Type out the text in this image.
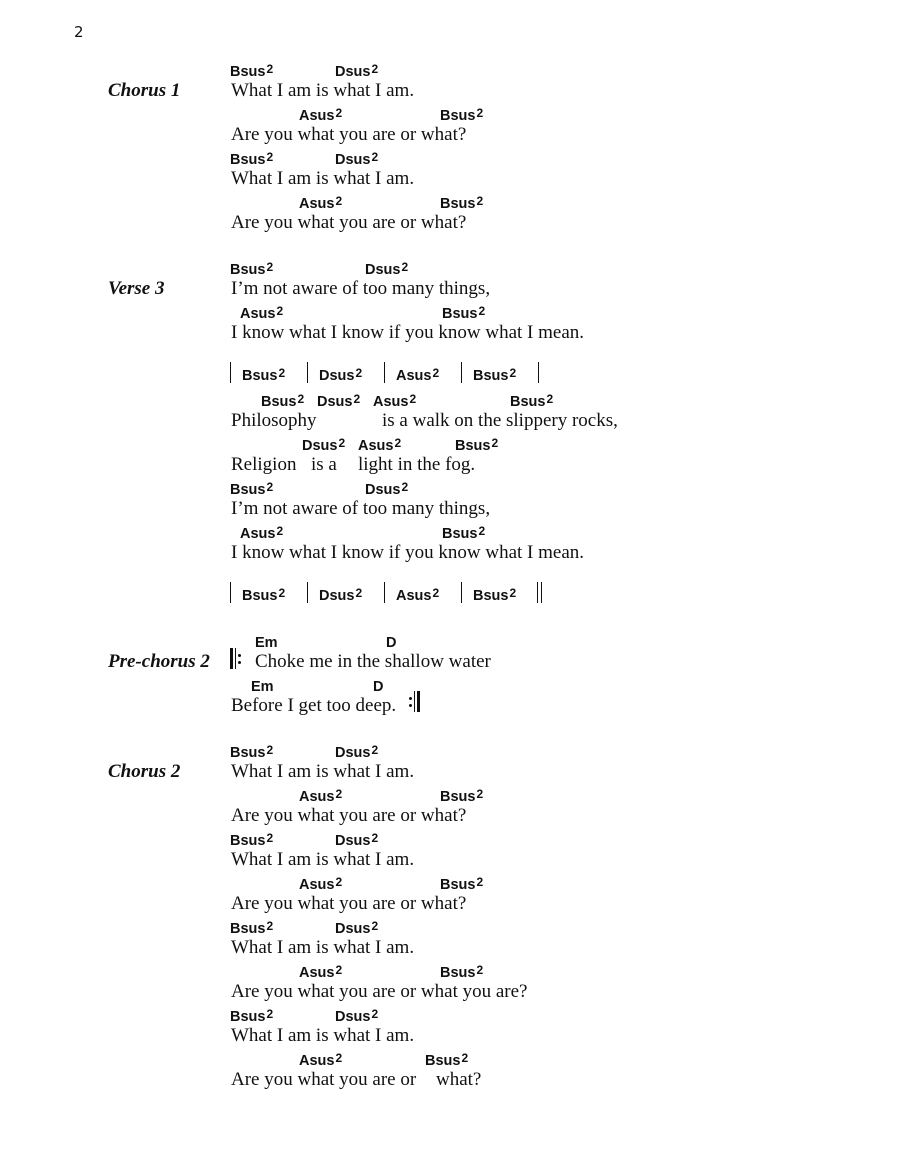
2
Chorus 1
Bsus$^2$	Dsus$^2$
What I am is what I am.
Asus$^2$	Bsus$^2$
Are you what you are or what?
Bsus$^2$	Dsus$^2$
What I am is what I am.
Asus$^2$	Bsus$^2$
Are you what you are or what?
Verse 3
Bsus$^2$	Dsus$^2$
I’m not aware of too many things,
Asus$^2$	Bsus$^2$
I know what I know if you know what I mean.
Bsus$^2$ Dsus$^2$ Asus$^2$ Bsus$^2$
Bsus$^2$ Dsus$^2$ Asus$^2$	Bsus$^2$
Philosophy	is a walk on the slippery rocks,
Dsus$^2$ Asus$^2$	Bsus$^2$
Religion is a light in the fog.
Bsus$^2$	Dsus$^2$
I’m not aware of too many things,
Asus$^2$	Bsus$^2$
I know what I know if you know what I mean.
Bsus$^2$ Dsus$^2$ Asus$^2$ Bsus$^2$
Pre-chorus 2
Em	D
Choke me in the shallow water
Em	D
Before I get too deep.
Chorus 2
Bsus$^2$	Dsus$^2$
What I am is what I am.
Asus$^2$	Bsus$^2$
Are you what you are or what?
Bsus$^2$	Dsus$^2$
What I am is what I am.
Asus$^2$	Bsus$^2$
Are you what you are or what?
Bsus$^2$	Dsus$^2$
What I am is what I am.
Asus$^2$	Bsus$^2$
Are you what you are or what you are?
Bsus$^2$	Dsus$^2$
What I am is what I am.
Asus$^2$	Bsus$^2$
Are you what you are or what?
